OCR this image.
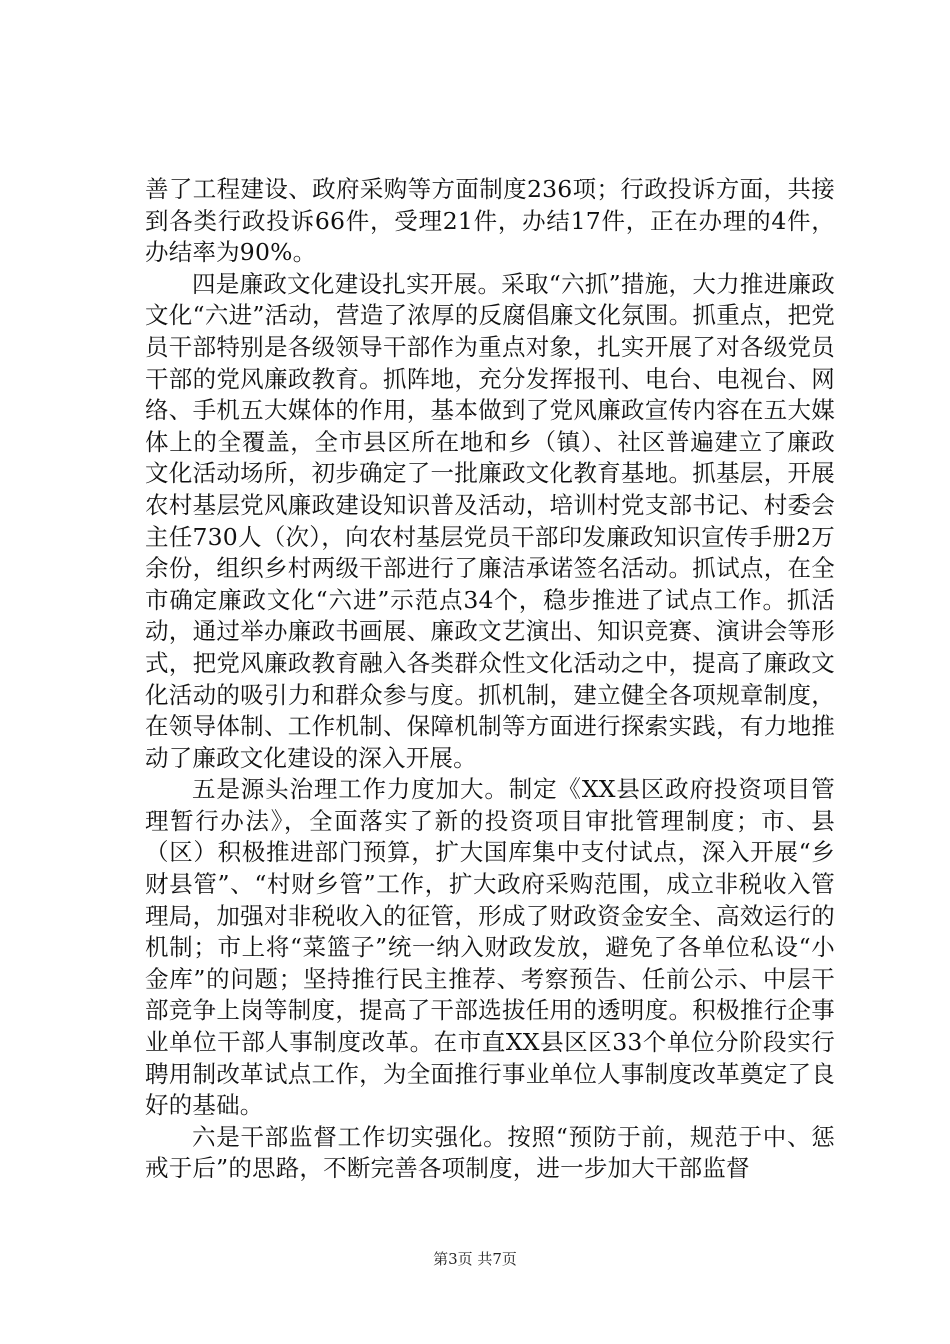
善了工程建设、政府采购等方面制度236项；行政投诉方面，共接到各类行政投诉66件，受理21件，办结17件，正在办理的4件，办结率为90%。

四是廉政文化建设扎实开展。采取“六抓”措施，大力推进廉政文化“六进”活动，营造了浓厚的反腐倡廉文化氛围。抓重点，把党员干部特别是各级领导干部作为重点对象，扎实开展了对各级党员干部的党风廉政教育。抓阵地，充分发挥报刊、电台、电视台、网络、手机五大媒体的作用，基本做到了党风廉政宣传内容在五大媒体上的全覆盖，全市县区所在地和乡（镇）、社区普遍建立了廉政文化活动场所，初步确定了一批廉政文化教育基地。抓基层，开展农村基层党风廉政建设知识普及活动，培训村党支部书记、村委会主任730人（次），向农村基层党员干部印发廉政知识宣传手册2万余份，组织乡村两级干部进行了廉洁承诺签名活动。抓试点，在全市确定廉政文化“六进”示范点34个，稳步推进了试点工作。抓活动，通过举办廉政书画展、廉政文艺演出、知识竞赛、演讲会等形式，把党风廉政教育融入各类群众性文化活动之中，提高了廉政文化活动的吸引力和群众参与度。抓机制，建立健全各项规章制度，在领导体制、工作机制、保障机制等方面进行探索实践，有力地推动了廉政文化建设的深入开展。

五是源头治理工作力度加大。制定《XX县区政府投资项目管理暂行办法》，全面落实了新的投资项目审批管理制度；市、县（区）积极推进部门预算，扩大国库集中支付试点，深入开展“乡财县管”、“村财乡管”工作，扩大政府采购范围，成立非税收入管理局，加强对非税收入的征管，形成了财政资金安全、高效运行的机制；市上将“菜篮子”统一纳入财政发放，避免了各单位私设“小金库”的问题；坚持推行民主推荐、考察预告、任前公示、中层干部竞争上岗等制度，提高了干部选拔任用的透明度。积极推行企事业单位干部人事制度改革。在市直XX县区区33个单位分阶段实行聘用制改革试点工作，为全面推行事业单位人事制度改革奠定了良好的基础。

六是干部监督工作切实强化。按照“预防于前，规范于中、惩戒于后”的思路，不断完善各项制度，进一步加大干部监督

第3页 共7页
